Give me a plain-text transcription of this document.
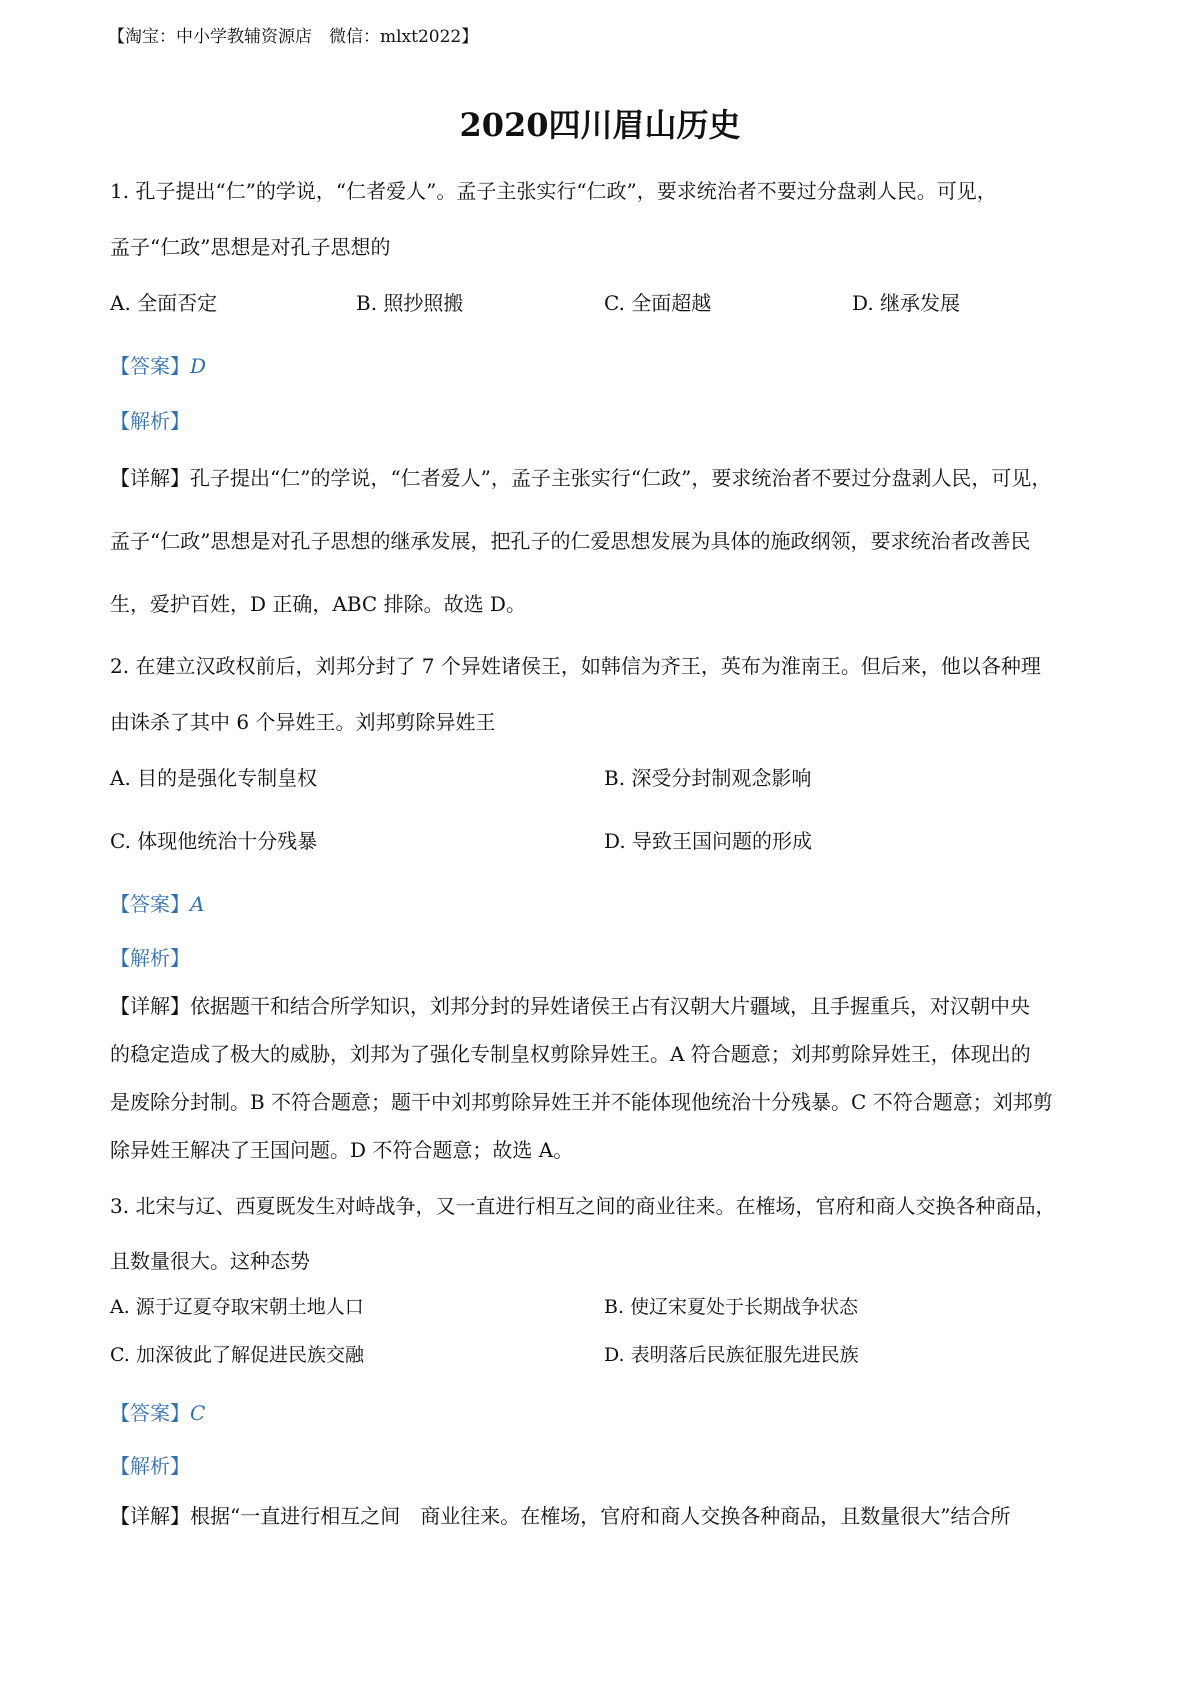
【淘宝：中小学教辅资源店　微信：mlxt2022】
2020四川眉山历史
1. 孔子提出“仁”的学说，“仁者爱人”。孟子主张实行“仁政”，要求统治者不要过分盘剥人民。可见，
孟子“仁政”思想是对孔子思想的
A. 全面否定	B. 照抄照搬	C. 全面超越	D. 继承发展
【答案】D
【解析】
【详解】孔子提出“仁”的学说，“仁者爱人”，孟子主张实行“仁政”，要求统治者不要过分盘剥人民，可见，
孟子“仁政”思想是对孔子思想的继承发展，把孔子的仁爱思想发展为具体的施政纲领，要求统治者改善民
生，爱护百姓，D 正确，ABC 排除。故选 D。
2. 在建立汉政权前后，刘邦分封了 7 个异姓诸侯王，如韩信为齐王，英布为淮南王。但后来，他以各种理
由诛杀了其中 6 个异姓王。刘邦剪除异姓王
A. 目的是强化专制皇权	B. 深受分封制观念影响
C. 体现他统治十分残暴	D. 导致王国问题的形成
【答案】A
【解析】
【详解】依据题干和结合所学知识，刘邦分封的异姓诸侯王占有汉朝大片疆域，且手握重兵，对汉朝中央
的稳定造成了极大的威胁，刘邦为了强化专制皇权剪除异姓王。A 符合题意；刘邦剪除异姓王，体现出的
是废除分封制。B 不符合题意；题干中刘邦剪除异姓王并不能体现他统治十分残暴。C 不符合题意；刘邦剪
除异姓王解决了王国问题。D 不符合题意；故选 A。
3. 北宋与辽、西夏既发生对峙战争，又一直进行相互之间的商业往来。在榷场，官府和商人交换各种商品，
且数量很大。这种态势
A. 源于辽夏夺取宋朝土地人口	B. 使辽宋夏处于长期战争状态
C. 加深彼此了解促进民族交融	D. 表明落后民族征服先进民族
【答案】C
【解析】
【详解】根据“一直进行相互之间　商业往来。在榷场，官府和商人交换各种商品，且数量很大”结合所
